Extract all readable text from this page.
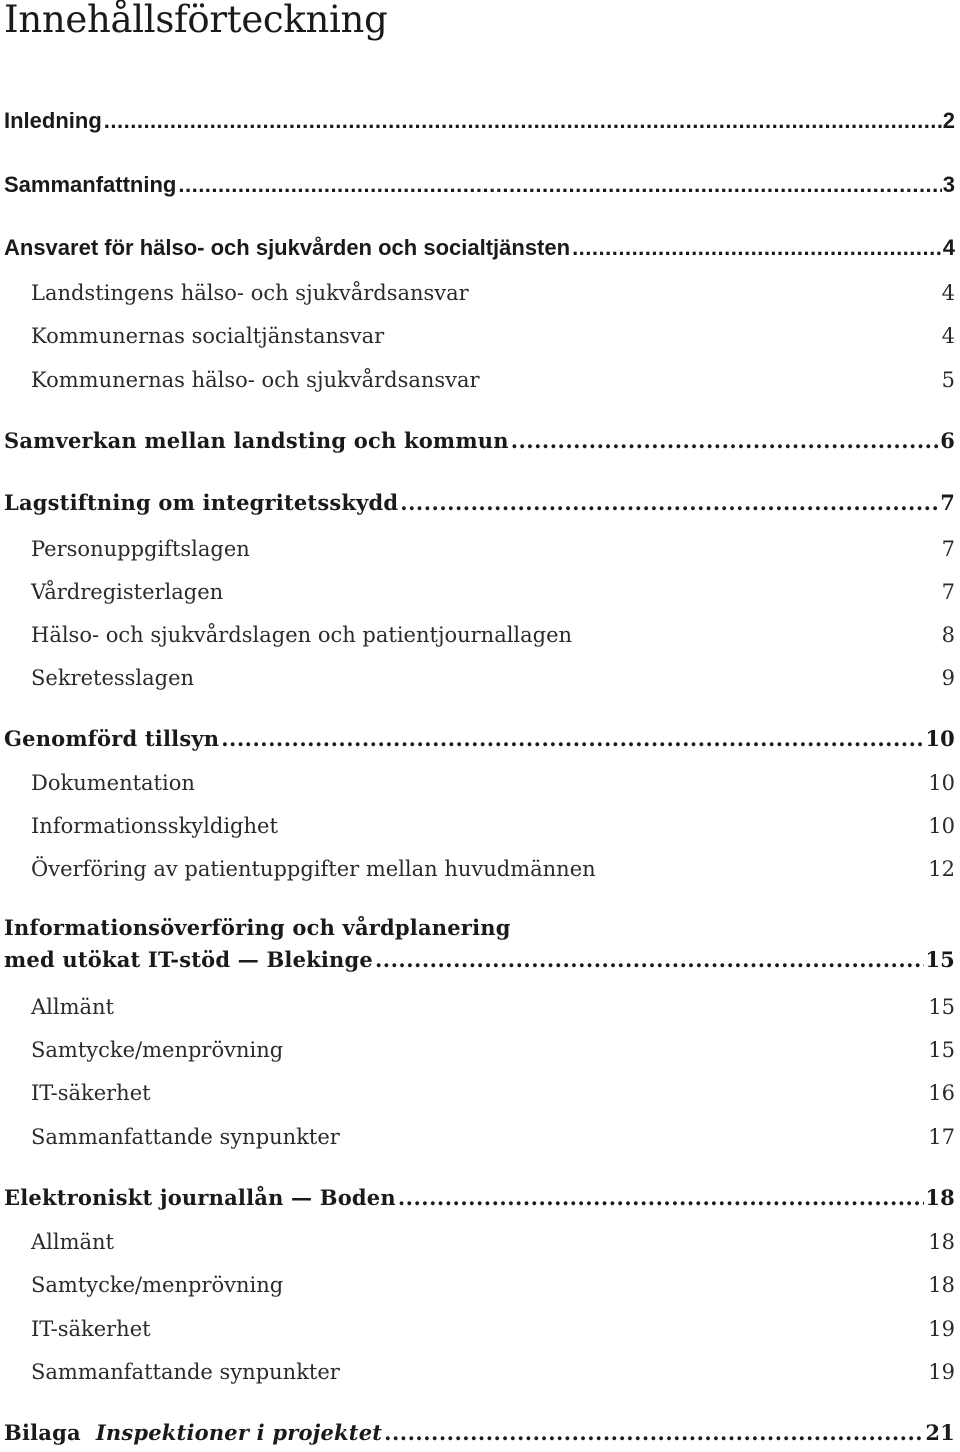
Innehållsförteckning
Inledning .....	2
Sammanfattning .....	3
Ansvaret för hälso- och sjukvården och socialtjänsten .....	4
Landstingens hälso- och sjukvårdsansvar	4
Kommunernas socialtjänstansvar	4
Kommunernas hälso- och sjukvårdsansvar	5
Samverkan mellan landsting och kommun .....	6
Lagstiftning om integritetsskydd .....	7
Personuppgiftslagen	7
Vårdregisterlagen	7
Hälso- och sjukvårdslagen och patientjournallagen	8
Sekretesslagen	9
Genomförd tillsyn .....	10
Dokumentation	10
Informationsskyldighet	10
Överföring av patientuppgifter mellan huvudmännen	12
Informationsöverföring och vårdplanering
med utökat IT-stöd — Blekinge .....	15
Allmänt	15
Samtycke/menprövning	15
IT-säkerhet	16
Sammanfattande synpunkter	17
Elektroniskt journallån — Boden .....	18
Allmänt	18
Samtycke/menprövning	18
IT-säkerhet	19
Sammanfattande synpunkter	19
Bilaga Inspektioner i projektet .....	21
